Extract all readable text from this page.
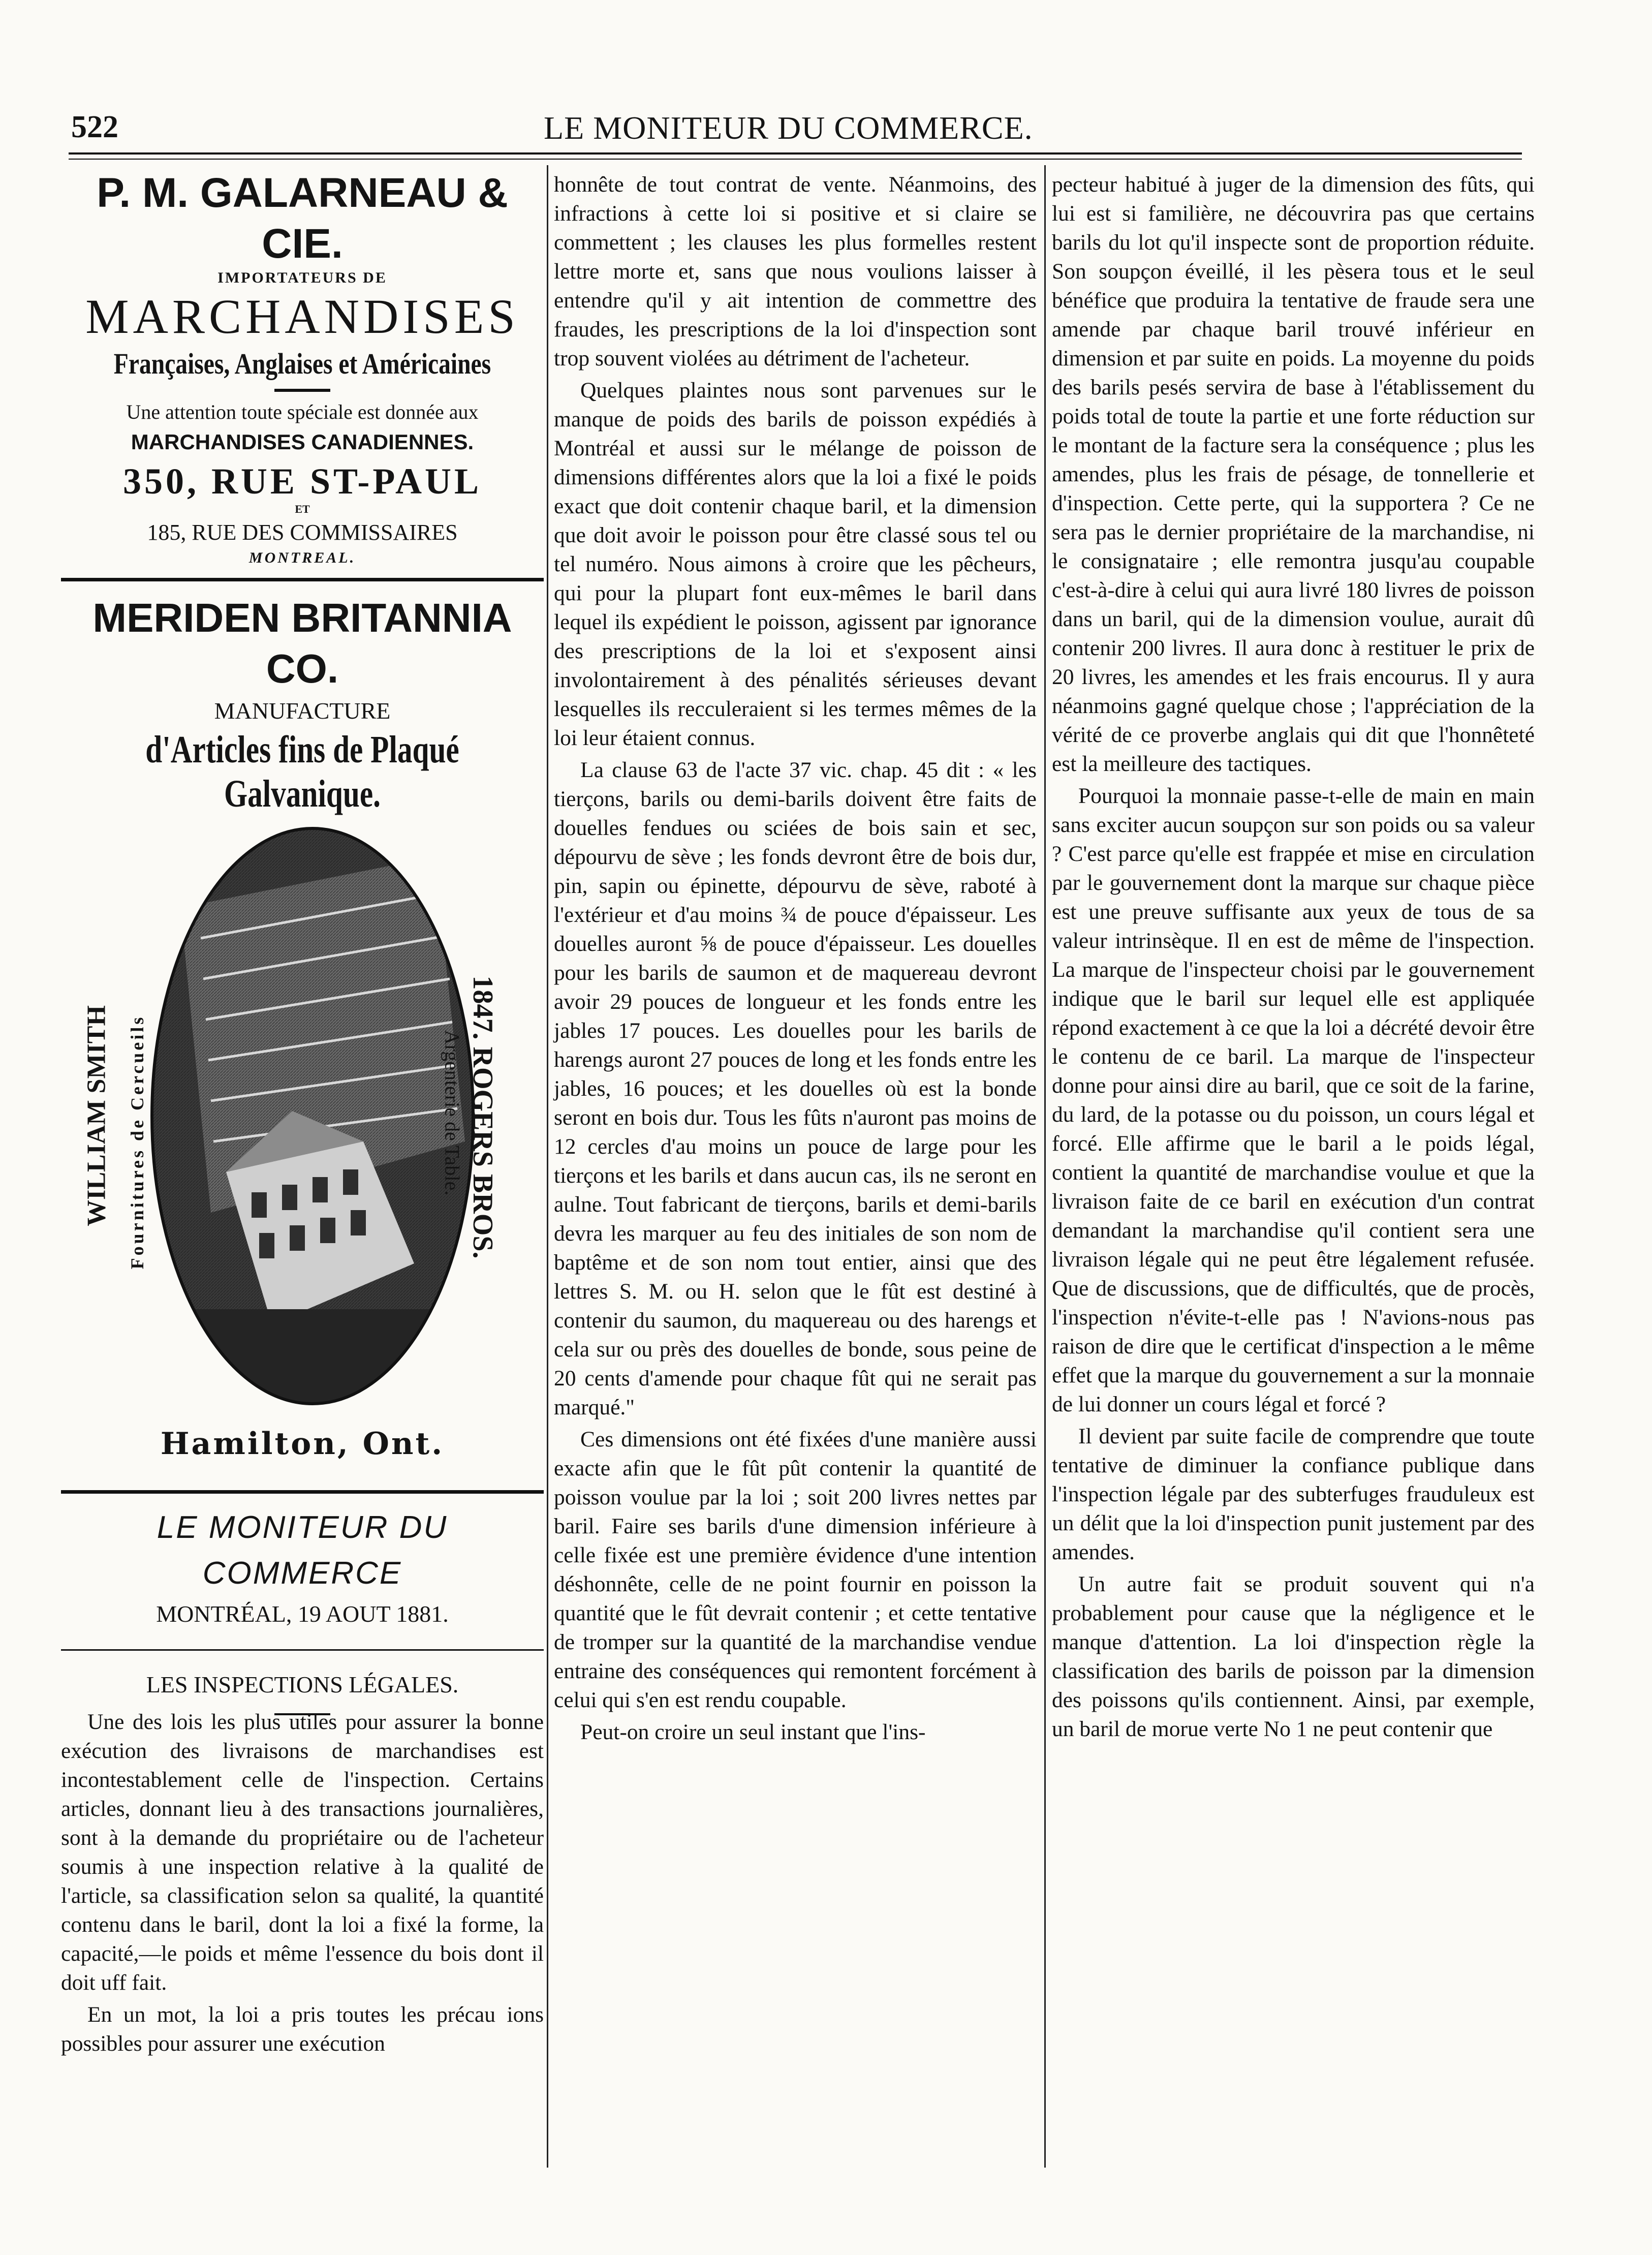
522	LE MONITEUR DU COMMERCE.
P. M. GALARNEAU & CIE.
IMPORTATEURS DE
MARCHANDISES
Françaises, Anglaises et Américaines
Une attention toute spéciale est donnée aux
MARCHANDISES CANADIENNES.
350, RUE ST-PAUL
ET
185, RUE DES COMMISSAIRES
MONTREAL.
MERIDEN BRITANNIA CO.
MANUFACTURE
d'Articles fins de Plaqué Galvanique.
WILLIAM SMITH Fournitures de Cercueils	1847. ROGERS BROS.
Argenterie de Table.
Hamilton, Ont.
LE MONITEUR DU COMMERCE
MONTRÉAL, 19 AOUT 1881.

LES INSPECTIONS LÉGALES.

Une des lois les plus utiles pour assurer la bonne exécution des livraisons de marchandises est incontestablement celle de l'inspection. Certains articles, donnant lieu à des transactions journalières, sont à la demande du propriétaire ou de l'acheteur soumis à une inspection relative à la qualité de l'article, sa classification selon sa qualité, la quantité contenu dans le baril, dont la loi a fixé la forme, la capacité,—le poids et même l'essence du bois dont il doit uff fait.

En un mot, la loi a pris toutes les précau ions possibles pour assurer une exécution

honnête de tout contrat de vente. Néanmoins, des infractions à cette loi si positive et si claire se commettent ; les clauses les plus formelles restent lettre morte et, sans que nous voulions laisser à entendre qu'il y ait intention de commettre des fraudes, les prescriptions de la loi d'inspection sont trop souvent violées au détriment de l'acheteur.

Quelques plaintes nous sont parvenues sur le manque de poids des barils de poisson expédiés à Montréal et aussi sur le mélange de poisson de dimensions différentes alors que la loi a fixé le poids exact que doit contenir chaque baril, et la dimension que doit avoir le poisson pour être classé sous tel ou tel numéro. Nous aimons à croire que les pêcheurs, qui pour la plupart font eux-mêmes le baril dans lequel ils expédient le poisson, agissent par ignorance des prescriptions de la loi et s'exposent ainsi involontairement à des pénalités sérieuses devant lesquelles ils recculeraient si les termes mêmes de la loi leur étaient connus.

La clause 63 de l'acte 37 vic. chap. 45 dit : « les tierçons, barils ou demi-barils doivent être faits de douelles fendues ou sciées de bois sain et sec, dépourvu de sève ; les fonds devront être de bois dur, pin, sapin ou épinette, dépourvu de sève, raboté à l'extérieur et d'au moins ¾ de pouce d'épaisseur. Les douelles auront ⅝ de pouce d'épaisseur. Les douelles pour les barils de saumon et de maquereau devront avoir 29 pouces de longueur et les fonds entre les jables 17 pouces. Les douelles pour les barils de harengs auront 27 pouces de long et les fonds entre les jables, 16 pouces; et les douelles où est la bonde seront en bois dur. Tous les fûts n'auront pas moins de 12 cercles d'au moins un pouce de large pour les tierçons et les barils et dans aucun cas, ils ne seront en aulne. Tout fabricant de tierçons, barils et demi-barils devra les marquer au feu des initiales de son nom de baptême et de son nom tout entier, ainsi que des lettres S. M. ou H. selon que le fût est destiné à contenir du saumon, du maquereau ou des harengs et cela sur ou près des douelles de bonde, sous peine de 20 cents d'amende pour chaque fût qui ne serait pas marqué."

Ces dimensions ont été fixées d'une manière aussi exacte afin que le fût pût contenir la quantité de poisson voulue par la loi ; soit 200 livres nettes par baril. Faire ses barils d'une dimension inférieure à celle fixée est une première évidence d'une intention déshonnête, celle de ne point fournir en poisson la quantité que le fût devrait contenir ; et cette tentative de tromper sur la quantité de la marchandise vendue entraine des conséquences qui remontent forcément à celui qui s'en est rendu coupable.

Peut-on croire un seul instant que l'ins-

pecteur habitué à juger de la dimension des fûts, qui lui est si familière, ne découvrira pas que certains barils du lot qu'il inspecte sont de proportion réduite. Son soupçon éveillé, il les pèsera tous et le seul bénéfice que produira la tentative de fraude sera une amende par chaque baril trouvé inférieur en dimension et par suite en poids. La moyenne du poids des barils pesés servira de base à l'établissement du poids total de toute la partie et une forte réduction sur le montant de la facture sera la conséquence ; plus les amendes, plus les frais de pésage, de tonnellerie et d'inspection. Cette perte, qui la supportera ? Ce ne sera pas le dernier propriétaire de la marchandise, ni le consignataire ; elle remontra jusqu'au coupable c'est-à-dire à celui qui aura livré 180 livres de poisson dans un baril, qui de la dimension voulue, aurait dû contenir 200 livres. Il aura donc à restituer le prix de 20 livres, les amendes et les frais encourus. Il y aura néanmoins gagné quelque chose ; l'appréciation de la vérité de ce proverbe anglais qui dit que l'honnêteté est la meilleure des tactiques.

Pourquoi la monnaie passe-t-elle de main en main sans exciter aucun soupçon sur son poids ou sa valeur ? C'est parce qu'elle est frappée et mise en circulation par le gouvernement dont la marque sur chaque pièce est une preuve suffisante aux yeux de tous de sa valeur intrinsèque. Il en est de même de l'inspection. La marque de l'inspecteur choisi par le gouvernement indique que le baril sur lequel elle est appliquée répond exactement à ce que la loi a décrété devoir être le contenu de ce baril. La marque de l'inspecteur donne pour ainsi dire au baril, que ce soit de la farine, du lard, de la potasse ou du poisson, un cours légal et forcé. Elle affirme que le baril a le poids légal, contient la quantité de marchandise voulue et que la livraison faite de ce baril en exécution d'un contrat demandant la marchandise qu'il contient sera une livraison légale qui ne peut être légalement refusée. Que de discussions, que de difficultés, que de procès, l'inspection n'évite-t-elle pas ! N'avions-nous pas raison de dire que le certificat d'inspection a le même effet que la marque du gouvernement a sur la monnaie de lui donner un cours légal et forcé ?

Il devient par suite facile de comprendre que toute tentative de diminuer la confiance publique dans l'inspection légale par des subterfuges frauduleux est un délit que la loi d'inspection punit justement par des amendes.

Un autre fait se produit souvent qui n'a probablement pour cause que la négligence et le manque d'attention. La loi d'inspection règle la classification des barils de poisson par la dimension des poissons qu'ils contiennent. Ainsi, par exemple, un baril de morue verte No 1 ne peut contenir que
